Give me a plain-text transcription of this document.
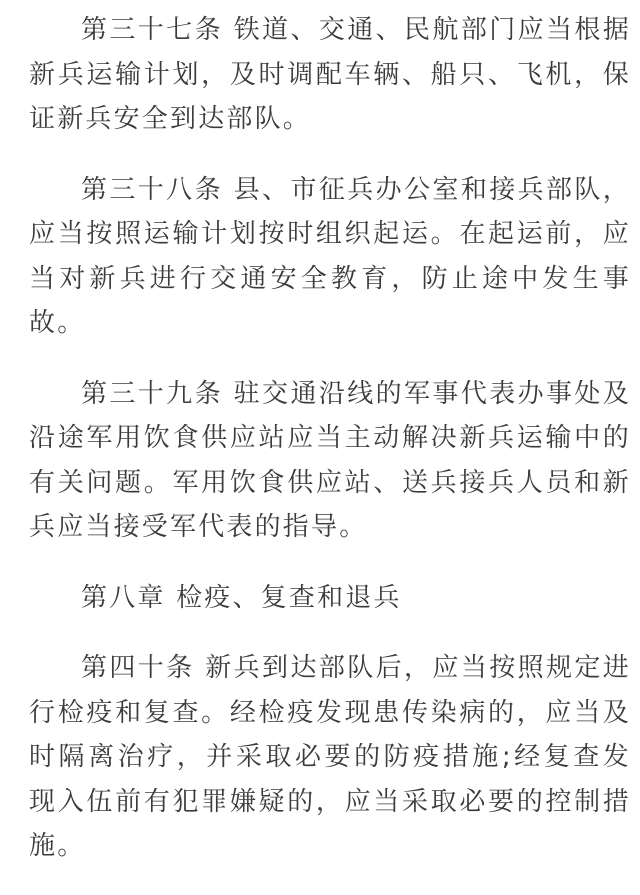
第三十七条 铁道、交通、民航部门应当根据新兵运输计划，及时调配车辆、船只、飞机，保证新兵安全到达部队。

第三十八条 县、市征兵办公室和接兵部队，应当按照运输计划按时组织起运。在起运前，应当对新兵进行交通安全教育，防止途中发生事故。

第三十九条 驻交通沿线的军事代表办事处及沿途军用饮食供应站应当主动解决新兵运输中的有关问题。军用饮食供应站、送兵接兵人员和新兵应当接受军代表的指导。

第八章 检疫、复查和退兵

第四十条 新兵到达部队后，应当按照规定进行检疫和复查。经检疫发现患传染病的，应当及时隔离治疗，并采取必要的防疫措施;经复查发现入伍前有犯罪嫌疑的，应当采取必要的控制措施。
